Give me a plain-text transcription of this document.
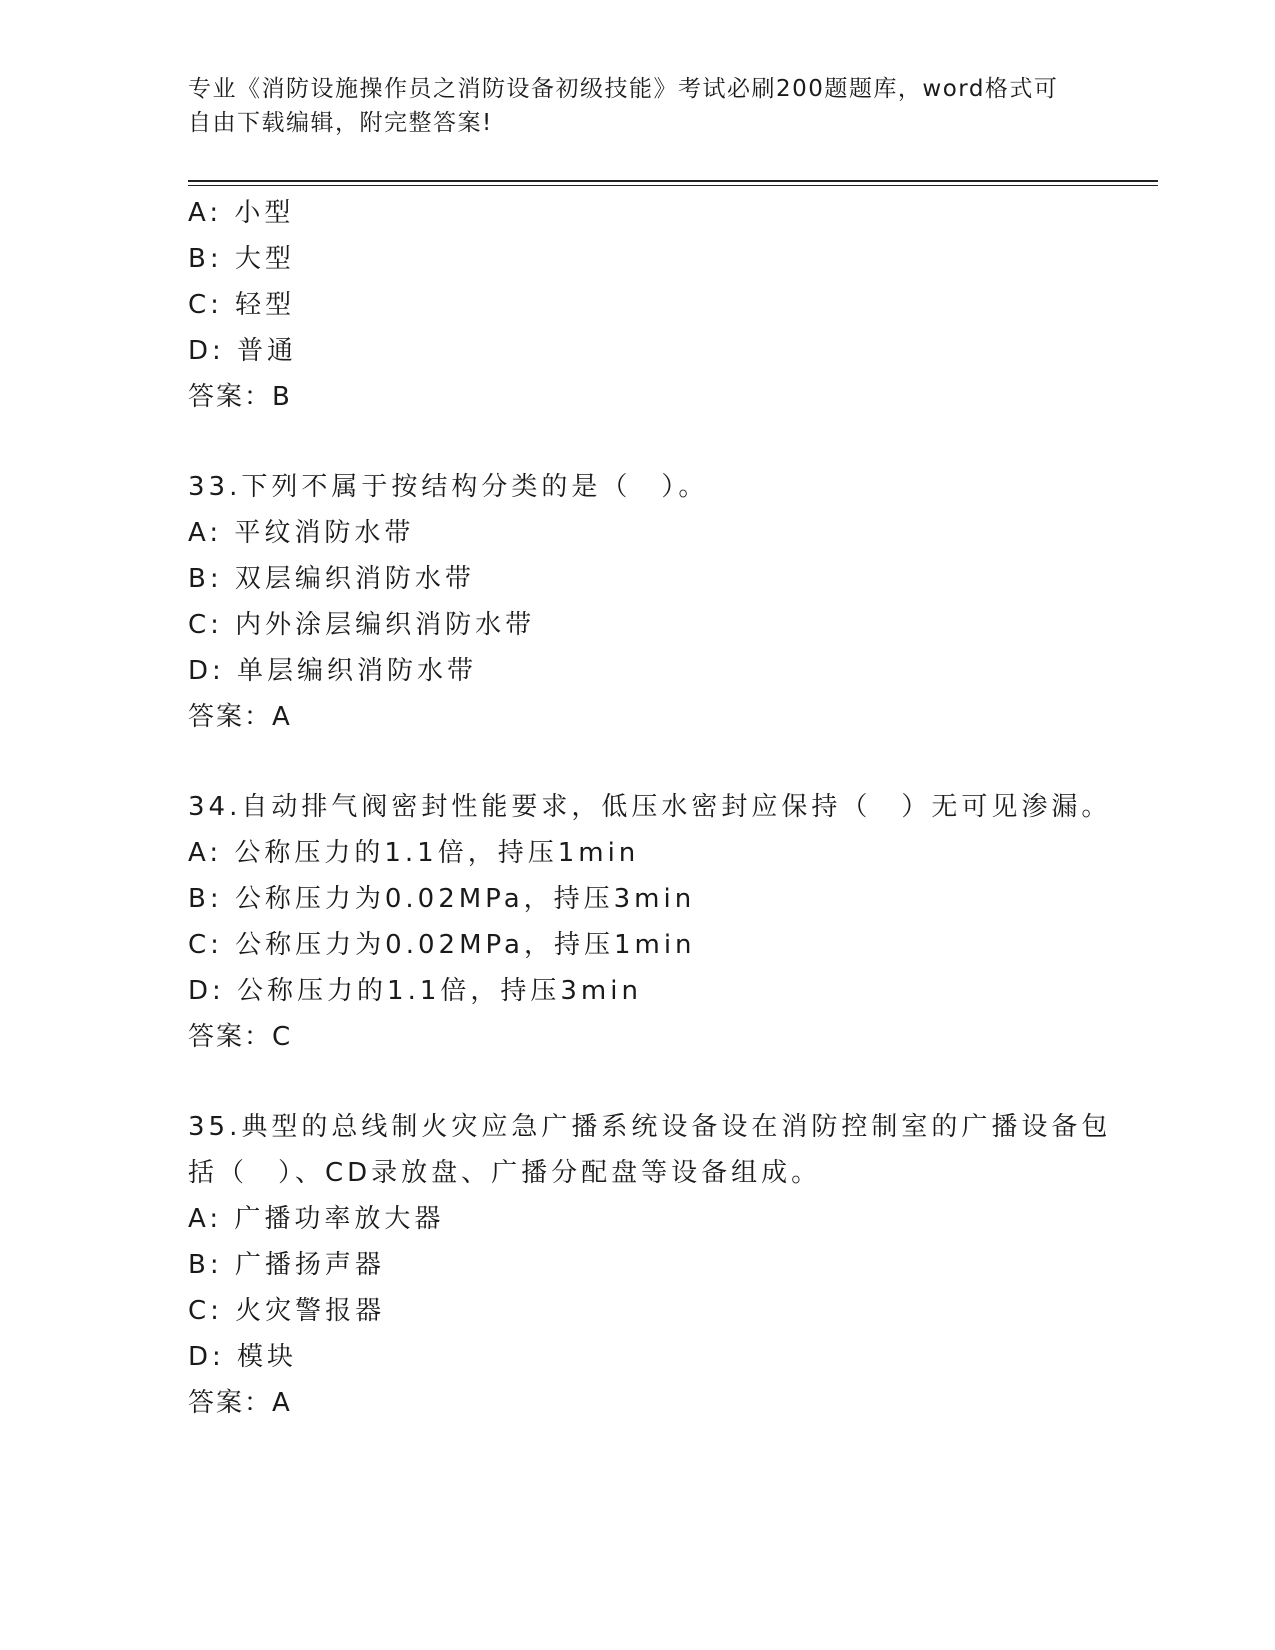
专业《消防设施操作员之消防设备初级技能》考试必刷200题题库，word格式可
自由下载编辑，附完整答案!
A: 小型
B: 大型
C: 轻型
D: 普通
答案：B
33.下列不属于按结构分类的是（　）。
A: 平纹消防水带
B: 双层编织消防水带
C: 内外涂层编织消防水带
D: 单层编织消防水带
答案：A
34.自动排气阀密封性能要求，低压水密封应保持（　）无可见渗漏。
A: 公称压力的1.1倍，持压1min
B: 公称压力为0.02MPa，持压3min
C: 公称压力为0.02MPa，持压1min
D: 公称压力的1.1倍，持压3min
答案：C
35.典型的总线制火灾应急广播系统设备设在消防控制室的广播设备包
括（　）、CD录放盘、广播分配盘等设备组成。
A: 广播功率放大器
B: 广播扬声器
C: 火灾警报器
D: 模块
答案：A
